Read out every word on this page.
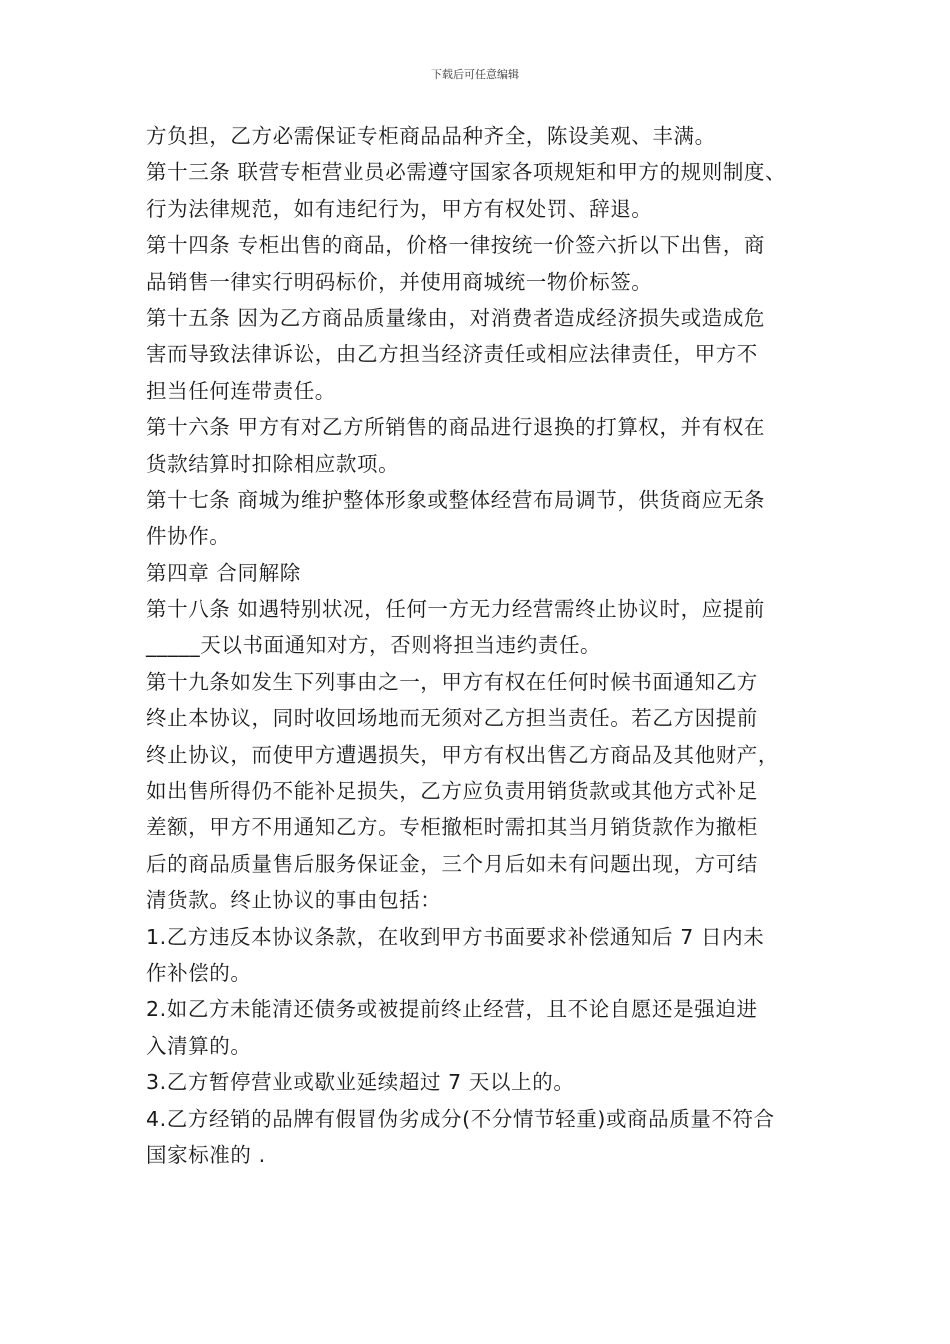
下载后可任意编辑
方负担，乙方必需保证专柜商品品种齐全，陈设美观、丰满。
第十三条 联营专柜营业员必需遵守国家各项规矩和甲方的规则制度、
行为法律规范，如有违纪行为，甲方有权处罚、辞退。
第十四条 专柜出售的商品，价格一律按统一价签六折以下出售，商
品销售一律实行明码标价，并使用商城统一物价标签。
第十五条 因为乙方商品质量缘由，对消费者造成经济损失或造成危
害而导致法律诉讼，由乙方担当经济责任或相应法律责任，甲方不
担当任何连带责任。
第十六条 甲方有对乙方所销售的商品进行退换的打算权，并有权在
货款结算时扣除相应款项。
第十七条 商城为维护整体形象或整体经营布局调节，供货商应无条
件协作。
第四章 合同解除
第十八条 如遇特别状况，任何一方无力经营需终止协议时，应提前
_____天以书面通知对方，否则将担当违约责任。
第十九条如发生下列事由之一，甲方有权在任何时候书面通知乙方
终止本协议，同时收回场地而无须对乙方担当责任。若乙方因提前
终止协议，而使甲方遭遇损失，甲方有权出售乙方商品及其他财产，
如出售所得仍不能补足损失，乙方应负责用销货款或其他方式补足
差额，甲方不用通知乙方。专柜撤柜时需扣其当月销货款作为撤柜
后的商品质量售后服务保证金，三个月后如未有问题出现，方可结
清货款。终止协议的事由包括：
1.乙方违反本协议条款，在收到甲方书面要求补偿通知后 7 日内未
作补偿的。
2.如乙方未能清还债务或被提前终止经营，且不论自愿还是强迫进
入清算的。
3.乙方暂停营业或歇业延续超过 7 天以上的。
4.乙方经销的品牌有假冒伪劣成分(不分情节轻重)或商品质量不符合
国家标准的 .
